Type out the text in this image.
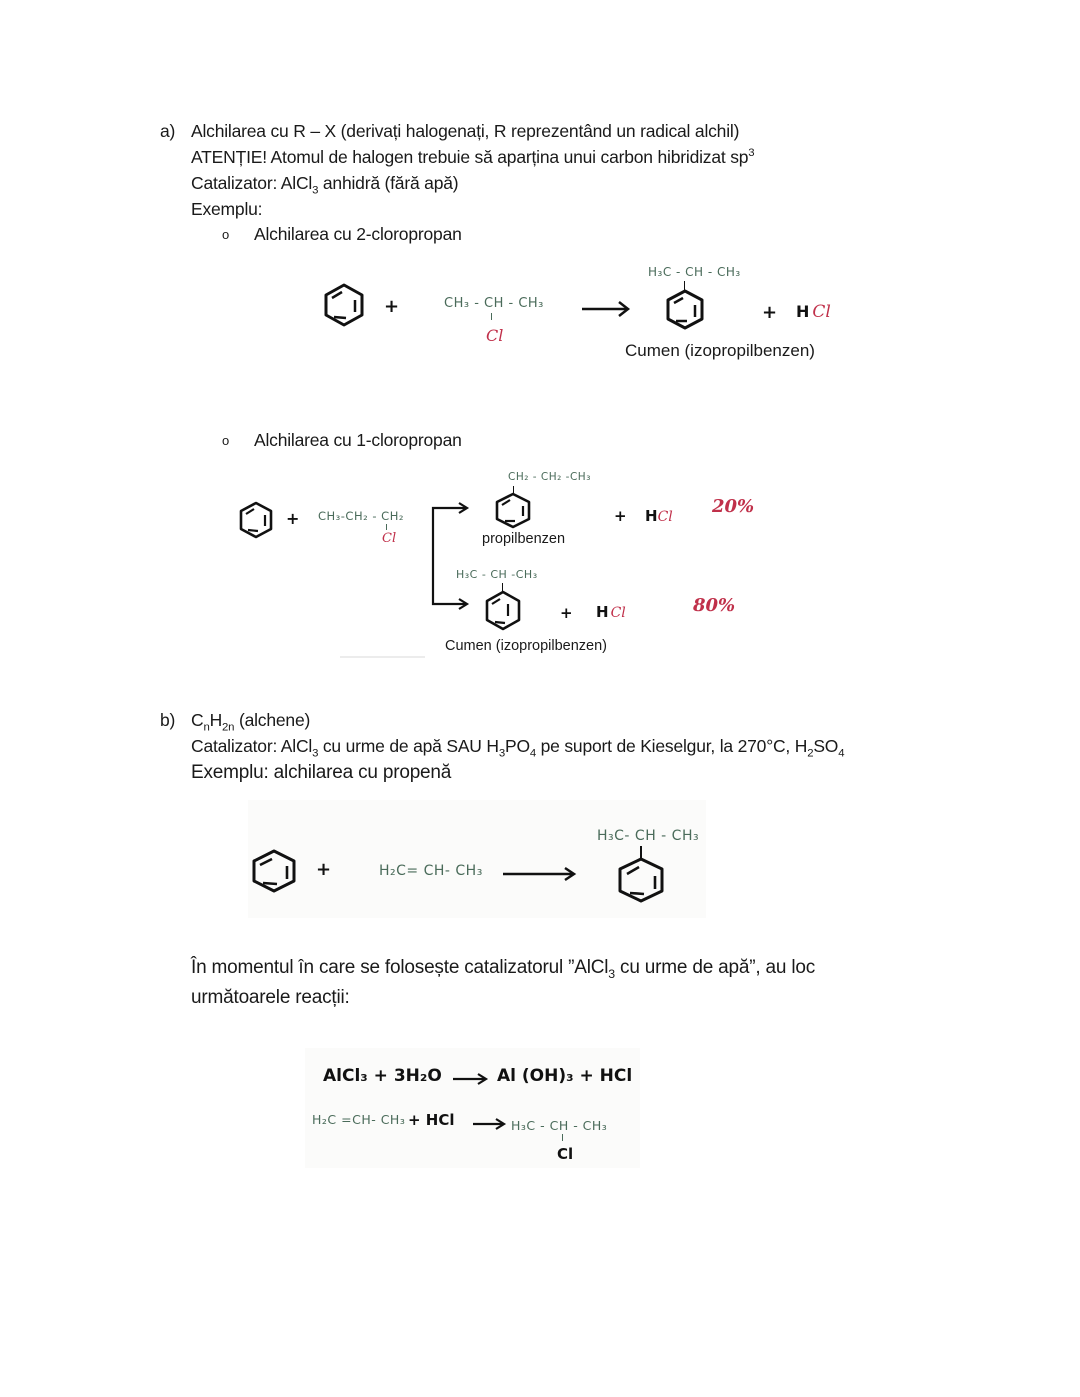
a) Alchilarea cu R – X (derivați halogenați, R reprezentând un radical alchil)
ATENȚIE! Atomul de halogen trebuie să aparțina unui carbon hibridizat $sp^3$
Catalizator: AlCl$_3$ anhidră (fără apă)
Exemplu:
o Alchilarea cu 2-cloropropan
+	CH₃ - CH - CH₃
Cl
H₃C - CH - CH₃
+ H Cl
Cumen (izopropilbenzen)
o Alchilarea cu 1-cloropropan
+ CH₃-CH₂ - CH₂
Cl
CH₂ - CH₂ -CH₃
propilbenzen
+ HCl 20%
H₃C - CH -CH₃
+ H Cl	80%
Cumen (izopropilbenzen)
b) $C_nH_{2n}$ (alchene)
Catalizator: AlCl$_3$ cu urme de apă SAU $H_3PO_4$ pe suport de Kieselgur, la 270°C, $H_2SO_4$
Exemplu: alchilarea cu propenă
+	H₂C= CH- CH₃
H₃C- CH - CH₃
În momentul în care se folosește catalizatorul ”AlCl$_3$ cu urme de apă”, au loc
următoarele reacții:
AlCl₃ + 3H₂O → Al (OH)₃ + HCl
H₂C =CH- CH₃ + HCl → H₃C - CH - CH₃
Cl
